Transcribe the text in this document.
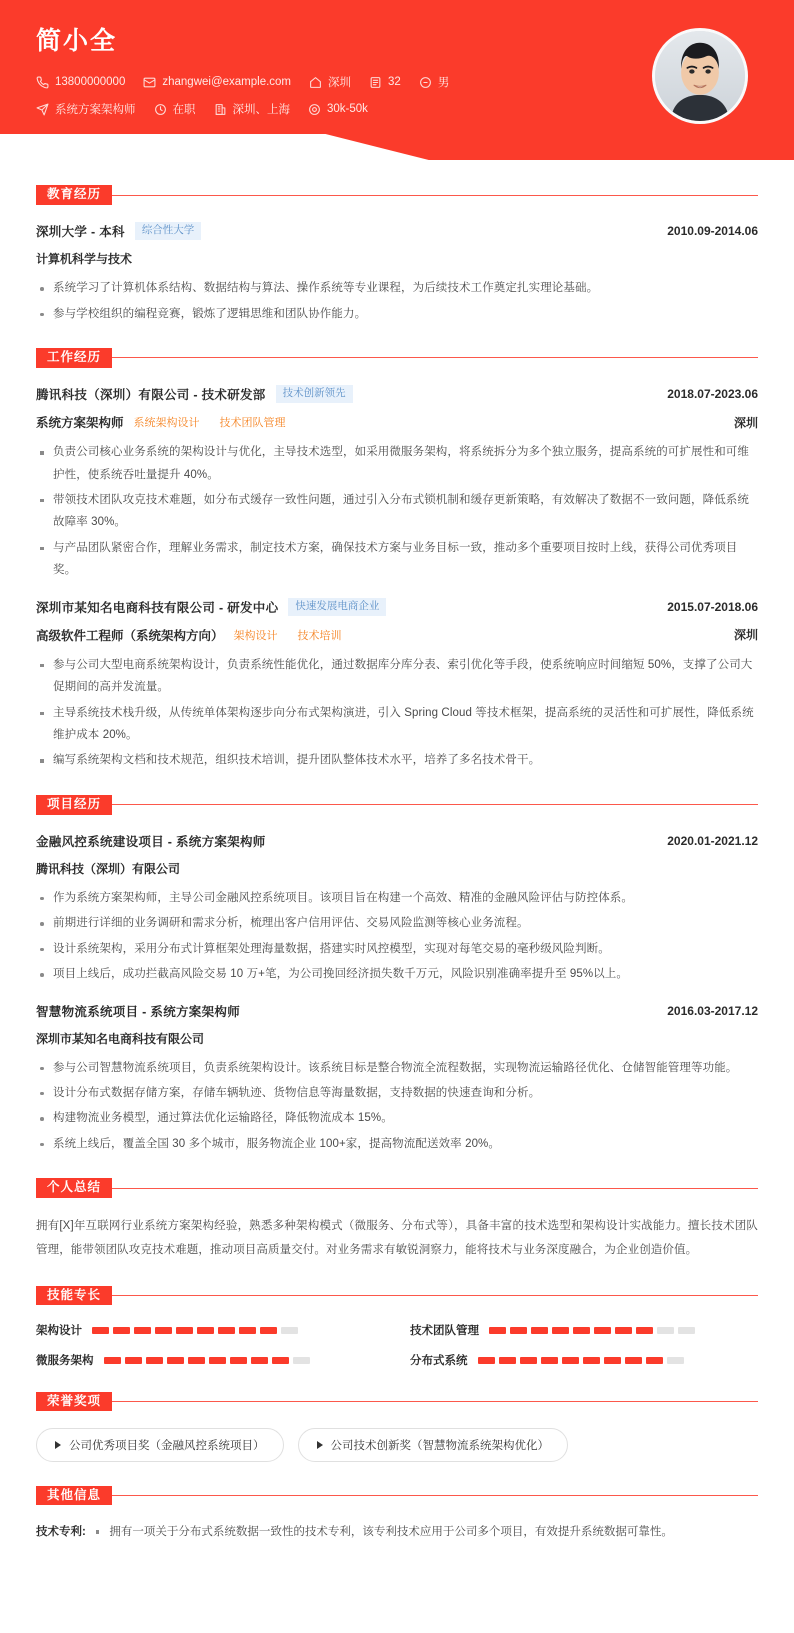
简小全
13800000000	zhangwei@example.com	深圳	32	男
系统方案架构师	在职	深圳、上海	30k-50k
教育经历
深圳大学 - 本科	综合性大学	2010.09-2014.06
计算机科学与技术
系统学习了计算机体系结构、数据结构与算法、操作系统等专业课程，为后续技术工作奠定扎实理论基础。
参与学校组织的编程竞赛，锻炼了逻辑思维和团队协作能力。
工作经历
腾讯科技（深圳）有限公司 - 技术研发部	技术创新领先	2018.07-2023.06
系统方案架构师 系统架构设计 技术团队管理	深圳
负责公司核心业务系统的架构设计与优化，主导技术选型，如采用微服务架构，将系统拆分为多个独立服务，提高系统的可扩展性和可维护性，使系统吞吐量提升 40%。
带领技术团队攻克技术难题，如分布式缓存一致性问题，通过引入分布式锁机制和缓存更新策略，有效解决了数据不一致问题，降低系统故障率 30%。
与产品团队紧密合作，理解业务需求，制定技术方案，确保技术方案与业务目标一致，推动多个重要项目按时上线，获得公司优秀项目奖。
深圳市某知名电商科技有限公司 - 研发中心	快速发展电商企业	2015.07-2018.06
高级软件工程师（系统架构方向） 架构设计 技术培训	深圳
参与公司大型电商系统架构设计，负责系统性能优化，通过数据库分库分表、索引优化等手段，使系统响应时间缩短 50%，支撑了公司大促期间的高并发流量。
主导系统技术栈升级，从传统单体架构逐步向分布式架构演进，引入 Spring Cloud 等技术框架，提高系统的灵活性和可扩展性，降低系统维护成本 20%。
编写系统架构文档和技术规范，组织技术培训，提升团队整体技术水平，培养了多名技术骨干。
项目经历
金融风控系统建设项目 - 系统方案架构师	2020.01-2021.12
腾讯科技（深圳）有限公司
作为系统方案架构师，主导公司金融风控系统项目。该项目旨在构建一个高效、精准的金融风险评估与防控体系。
前期进行详细的业务调研和需求分析，梳理出客户信用评估、交易风险监测等核心业务流程。
设计系统架构，采用分布式计算框架处理海量数据，搭建实时风控模型，实现对每笔交易的毫秒级风险判断。
项目上线后，成功拦截高风险交易 10 万+笔，为公司挽回经济损失数千万元，风险识别准确率提升至 95%以上。
智慧物流系统项目 - 系统方案架构师	2016.03-2017.12
深圳市某知名电商科技有限公司
参与公司智慧物流系统项目，负责系统架构设计。该系统目标是整合物流全流程数据，实现物流运输路径优化、仓储智能管理等功能。
设计分布式数据存储方案，存储车辆轨迹、货物信息等海量数据，支持数据的快速查询和分析。
构建物流业务模型，通过算法优化运输路径，降低物流成本 15%。
系统上线后，覆盖全国 30 多个城市，服务物流企业 100+家，提高物流配送效率 20%。
个人总结
拥有[X]年互联网行业系统方案架构经验，熟悉多种架构模式（微服务、分布式等），具备丰富的技术选型和架构设计实战能力。擅长技术团队管理，能带领团队攻克技术难题，推动项目高质量交付。对业务需求有敏锐洞察力，能将技术与业务深度融合，为企业创造价值。
技能专长
架构设计	技术团队管理
微服务架构	分布式系统
荣誉奖项
公司优秀项目奖（金融风控系统项目）	公司技术创新奖（智慧物流系统架构优化）
其他信息
技术专利: 拥有一项关于分布式系统数据一致性的技术专利，该专利技术应用于公司多个项目，有效提升系统数据可靠性。
